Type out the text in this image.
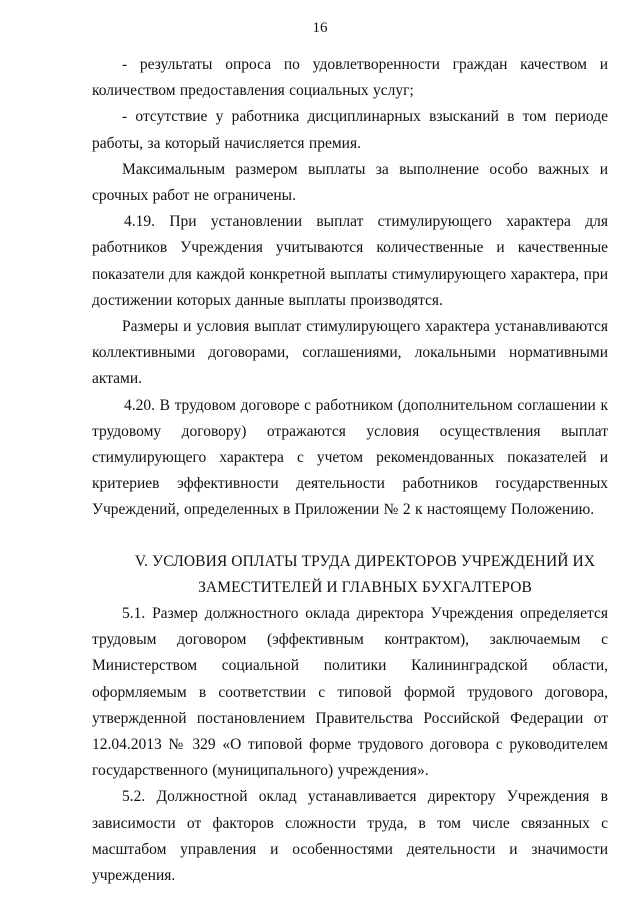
16

- результаты опроса по удовлетворенности граждан качеством и количеством предоставления социальных услуг;

- отсутствие у работника дисциплинарных взысканий в том периоде работы, за который начисляется премия.

Максимальным размером выплаты за выполнение особо важных и срочных работ не ограничены.

4.19. При установлении выплат стимулирующего характера для работников Учреждения учитываются количественные и качественные показатели для каждой конкретной выплаты стимулирующего характера, при достижении которых данные выплаты производятся.

Размеры и условия выплат стимулирующего характера устанавливаются коллективными договорами, соглашениями, локальными нормативными актами.

4.20. В трудовом договоре с работником (дополнительном соглашении к трудовому договору) отражаются условия осуществления выплат стимулирующего характера с учетом рекомендованных показателей и критериев эффективности деятельности работников государственных Учреждений, определенных в Приложении № 2 к настоящему Положению.

V. УСЛОВИЯ ОПЛАТЫ ТРУДА ДИРЕКТОРОВ УЧРЕЖДЕНИЙ ИХ
ЗАМЕСТИТЕЛЕЙ И ГЛАВНЫХ БУХГАЛТЕРОВ

5.1. Размер должностного оклада директора Учреждения определяется трудовым договором (эффективным контрактом), заключаемым с Министерством социальной политики Калининградской области, оформляемым в соответствии с типовой формой трудового договора, утвержденной постановлением Правительства Российской Федерации от 12.04.2013 № 329 «О типовой форме трудового договора с руководителем государственного (муниципального) учреждения».

5.2. Должностной оклад устанавливается директору Учреждения в зависимости от факторов сложности труда, в том числе связанных с масштабом управления и особенностями деятельности и значимости учреждения.
